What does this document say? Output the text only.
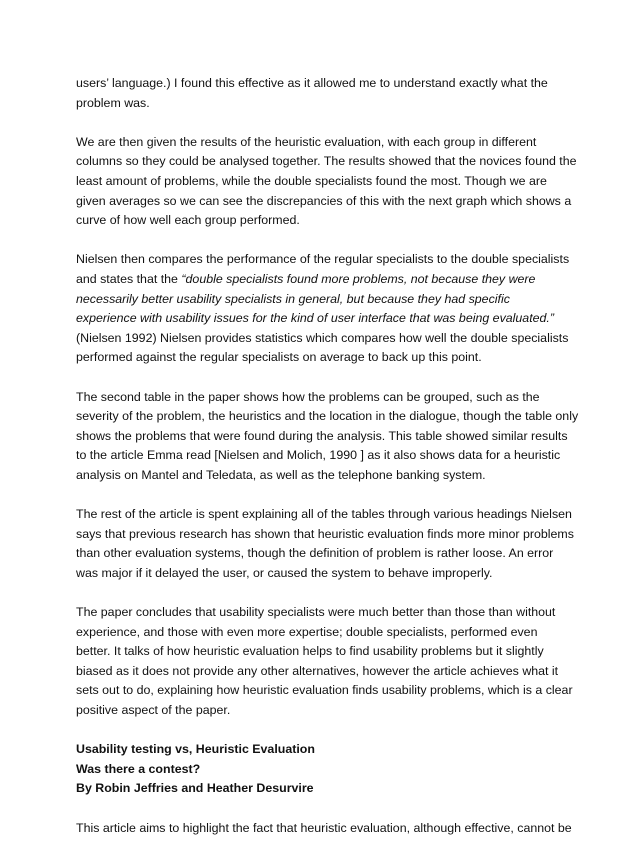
users’ language.) I found this effective as it allowed me to understand exactly what the
problem was.

We are then given the results of the heuristic evaluation, with each group in different
columns so they could be analysed together. The results showed that the novices found the
least amount of problems, while the double specialists found the most. Though we are
given averages so we can see the discrepancies of this with the next graph which shows a
curve of how well each group performed.

Nielsen then compares the performance of the regular specialists to the double specialists
and states that the “double specialists found more problems, not because they were
necessarily better usability specialists in general, but because they had specific
experience with usability issues for the kind of user interface that was being evaluated.”
(Nielsen 1992) Nielsen provides statistics which compares how well the double specialists
performed against the regular specialists on average to back up this point.

The second table in the paper shows how the problems can be grouped, such as the
severity of the problem, the heuristics and the location in the dialogue, though the table only
shows the problems that were found during the analysis. This table showed similar results
to the article Emma read [Nielsen and Molich, 1990 ] as it also shows data for a heuristic
analysis on Mantel and Teledata, as well as the telephone banking system.

The rest of the article is spent explaining all of the tables through various headings Nielsen
says that previous research has shown that heuristic evaluation finds more minor problems
than other evaluation systems, though the definition of problem is rather loose. An error
was major if it delayed the user, or caused the system to behave improperly.

The paper concludes that usability specialists were much better than those than without
experience, and those with even more expertise; double specialists, performed even
better. It talks of how heuristic evaluation helps to find usability problems but it slightly
biased as it does not provide any other alternatives, however the article achieves what it
sets out to do, explaining how heuristic evaluation finds usability problems, which is a clear
positive aspect of the paper.

Usability testing vs, Heuristic Evaluation
Was there a contest?
By Robin Jeffries and Heather Desurvire

This article aims to highlight the fact that heuristic evaluation, although effective, cannot be
